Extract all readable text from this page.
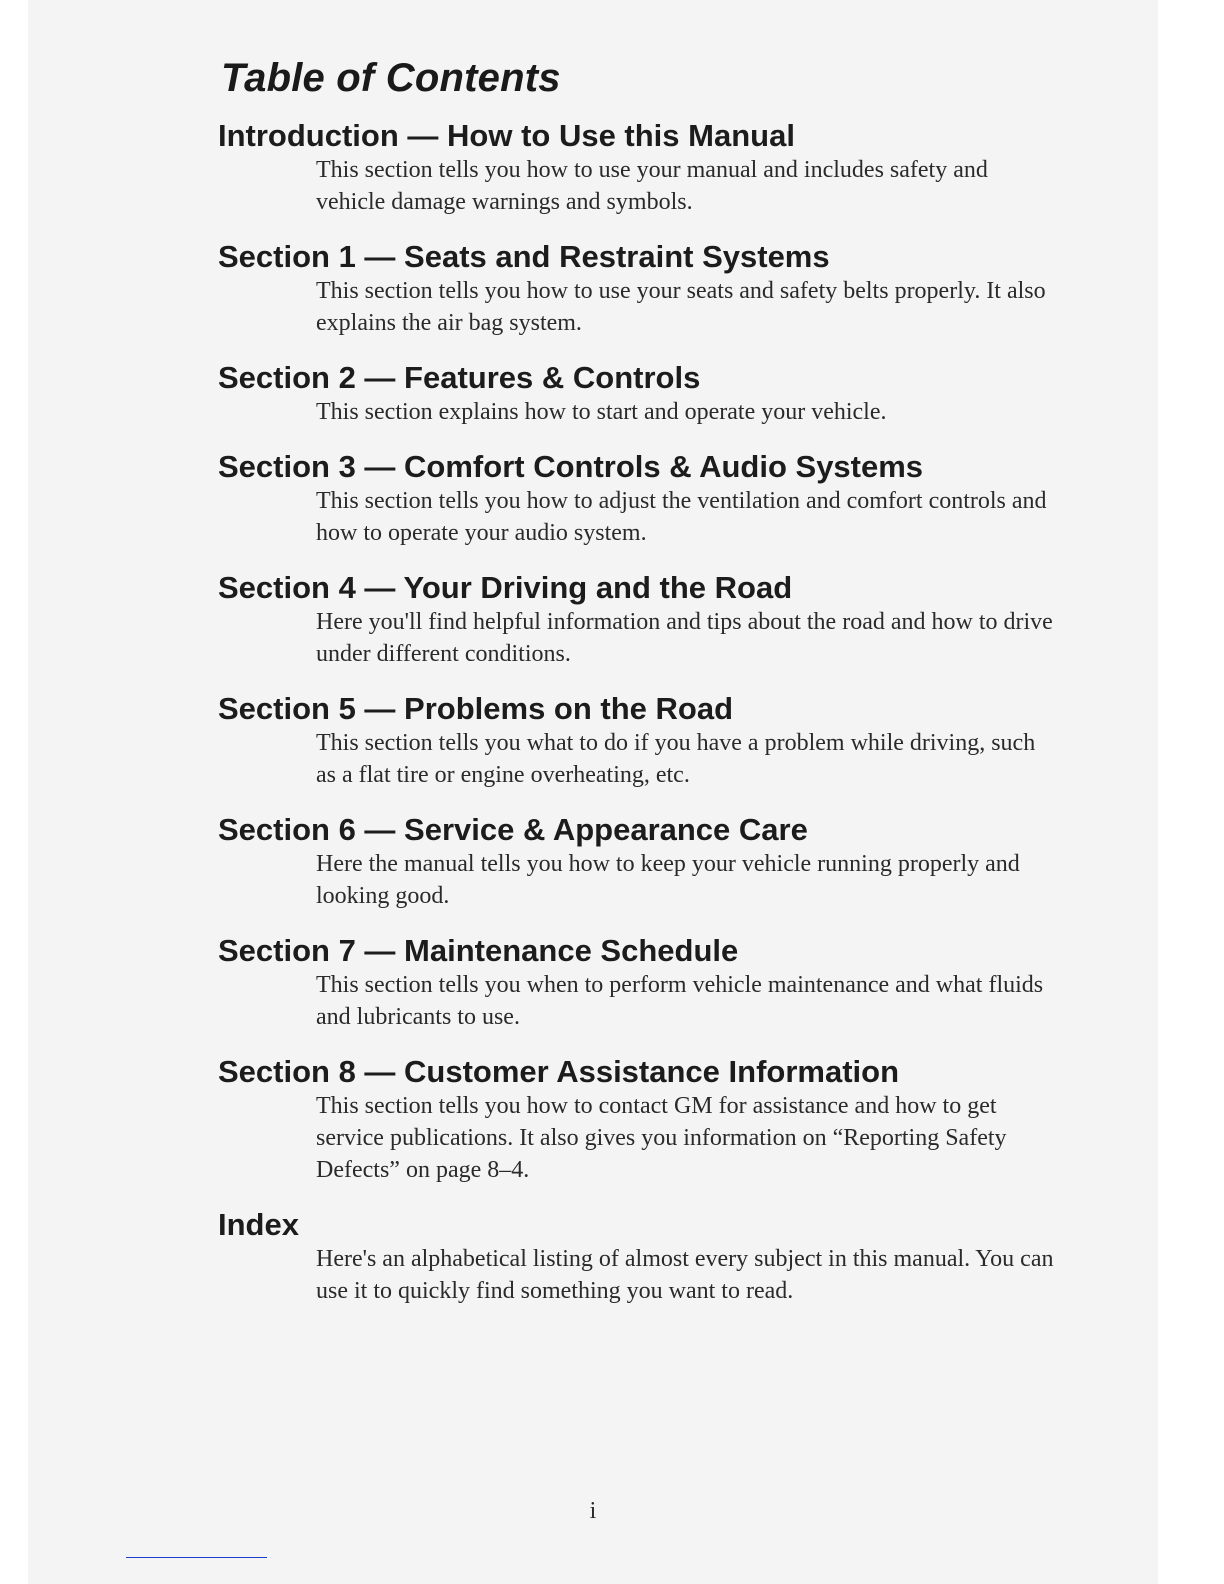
Table of Contents
Introduction — How to Use this Manual

This section tells you how to use your manual and includes safety and vehicle damage warnings and symbols.

Section 1 — Seats and Restraint Systems

This section tells you how to use your seats and safety belts properly. It also explains the air bag system.

Section 2 — Features & Controls

This section explains how to start and operate your vehicle.

Section 3 — Comfort Controls & Audio Systems

This section tells you how to adjust the ventilation and comfort controls and how to operate your audio system.

Section 4 — Your Driving and the Road

Here you'll find helpful information and tips about the road and how to drive under different conditions.

Section 5 — Problems on the Road

This section tells you what to do if you have a problem while driving, such as a flat tire or engine overheating, etc.

Section 6 — Service & Appearance Care

Here the manual tells you how to keep your vehicle running properly and looking good.

Section 7 — Maintenance Schedule

This section tells you when to perform vehicle maintenance and what fluids and lubricants to use.

Section 8 — Customer Assistance Information

This section tells you how to contact GM for assistance and how to get service publications. It also gives you information on “Reporting Safety Defects” on page 8–4.

Index

Here's an alphabetical listing of almost every subject in this manual. You can use it to quickly find something you want to read.

i
